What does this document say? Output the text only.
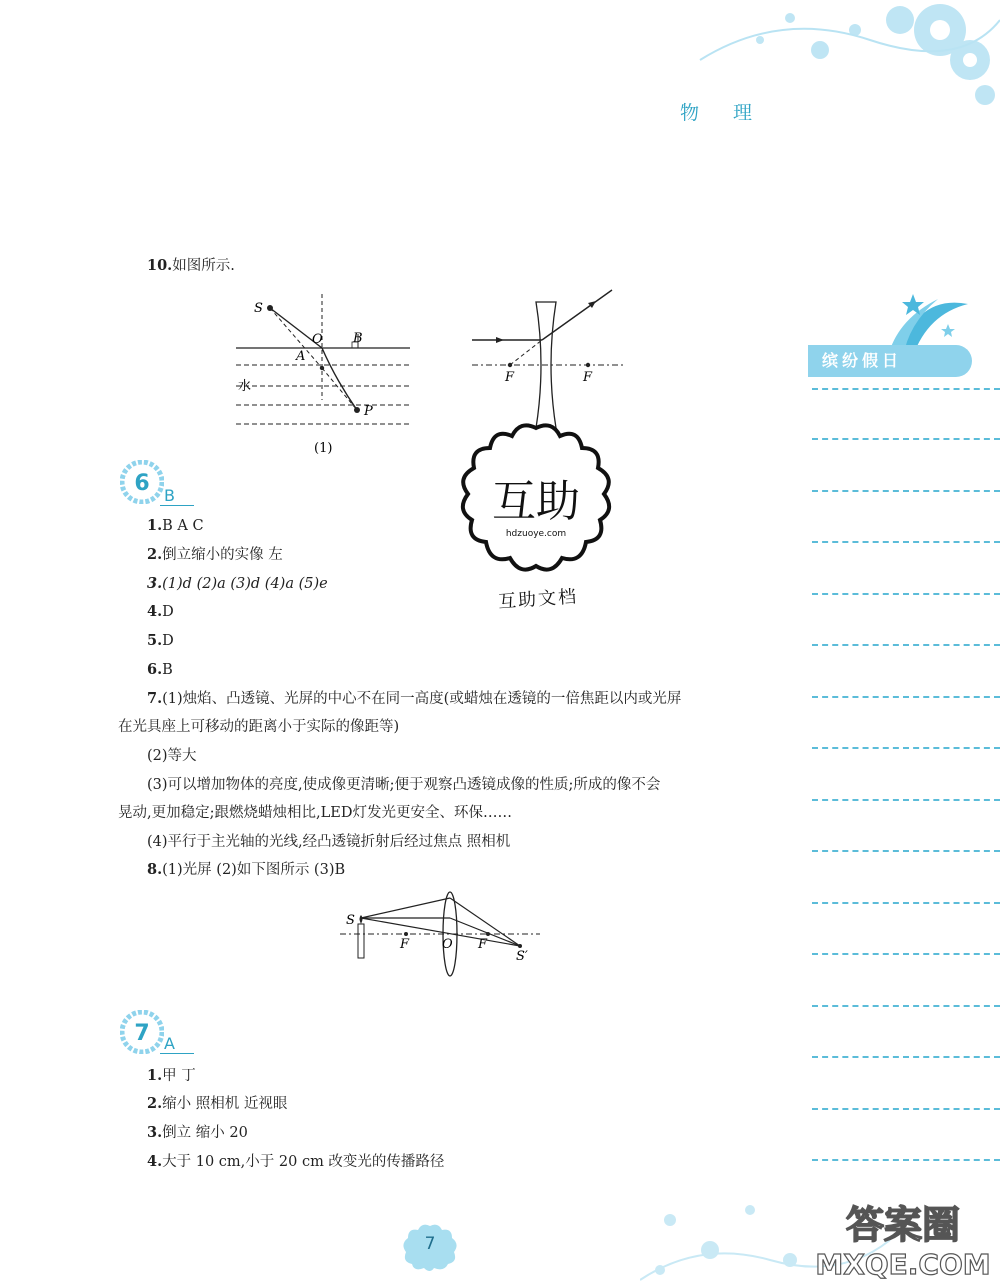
物 理
缤纷假日
10.如图所示.
S
O B
A
水
P
(1)
F	F
互助
hdzuoye.com
互助文档
6 B
1.B A C
2.倒立缩小的实像 左
3.(1)d (2)a (3)d (4)a (5)e
4.D
5.D
6.B
7.(1)烛焰、凸透镜、光屏的中心不在同一高度(或蜡烛在透镜的一倍焦距以内或光屏
在光具座上可移动的距离小于实际的像距等)
(2)等大
(3)可以增加物体的亮度,使成像更清晰;便于观察凸透镜成像的性质;所成的像不会
晃动,更加稳定;跟燃烧蜡烛相比,LED灯发光更安全、环保……
(4)平行于主光轴的光线,经凸透镜折射后经过焦点 照相机
8.(1)光屏 (2)如下图所示 (3)B
S
F	O F
S′
7 A
1.甲 丁
2.缩小 照相机 近视眼
3.倒立 缩小 20
4.大于 10 cm,小于 20 cm 改变光的传播路径
7	答案圈
MXQE.COM
